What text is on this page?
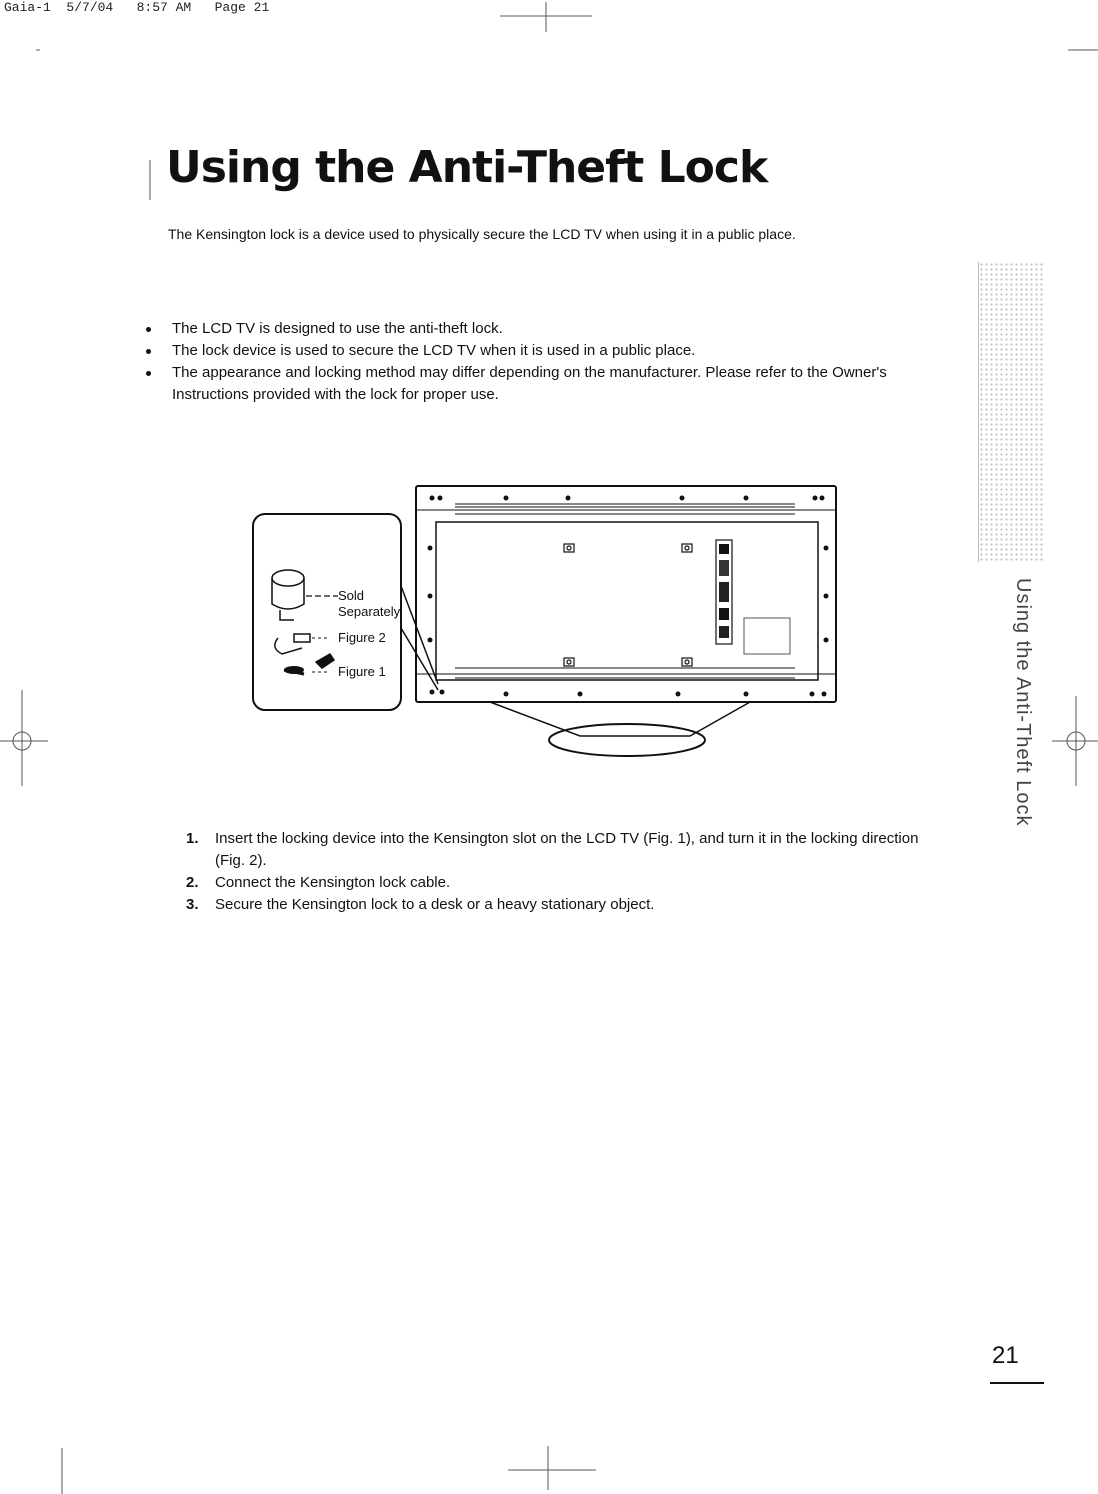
Gaia-1  5/7/04   8:57 AM   Page 21
Using the Anti-Theft Lock
The Kensington lock is a device used to physically secure the LCD TV when using it in a public place.
The LCD TV is designed to use the anti-theft lock.
The lock device is used to secure the LCD TV when it is used in a public place.
The appearance and locking method may differ depending on the manufacturer. Please refer to the Owner's Instructions provided with the lock for proper use.
Sold
Separately
Figure 2
Figure 1
1.	Insert the locking device into the Kensington slot on the LCD TV (Fig. 1), and turn it in the locking direction (Fig. 2).
2.	Connect the Kensington lock cable.
3.	Secure the Kensington lock to a desk or a heavy stationary object.
Using the Anti-Theft Lock
21
